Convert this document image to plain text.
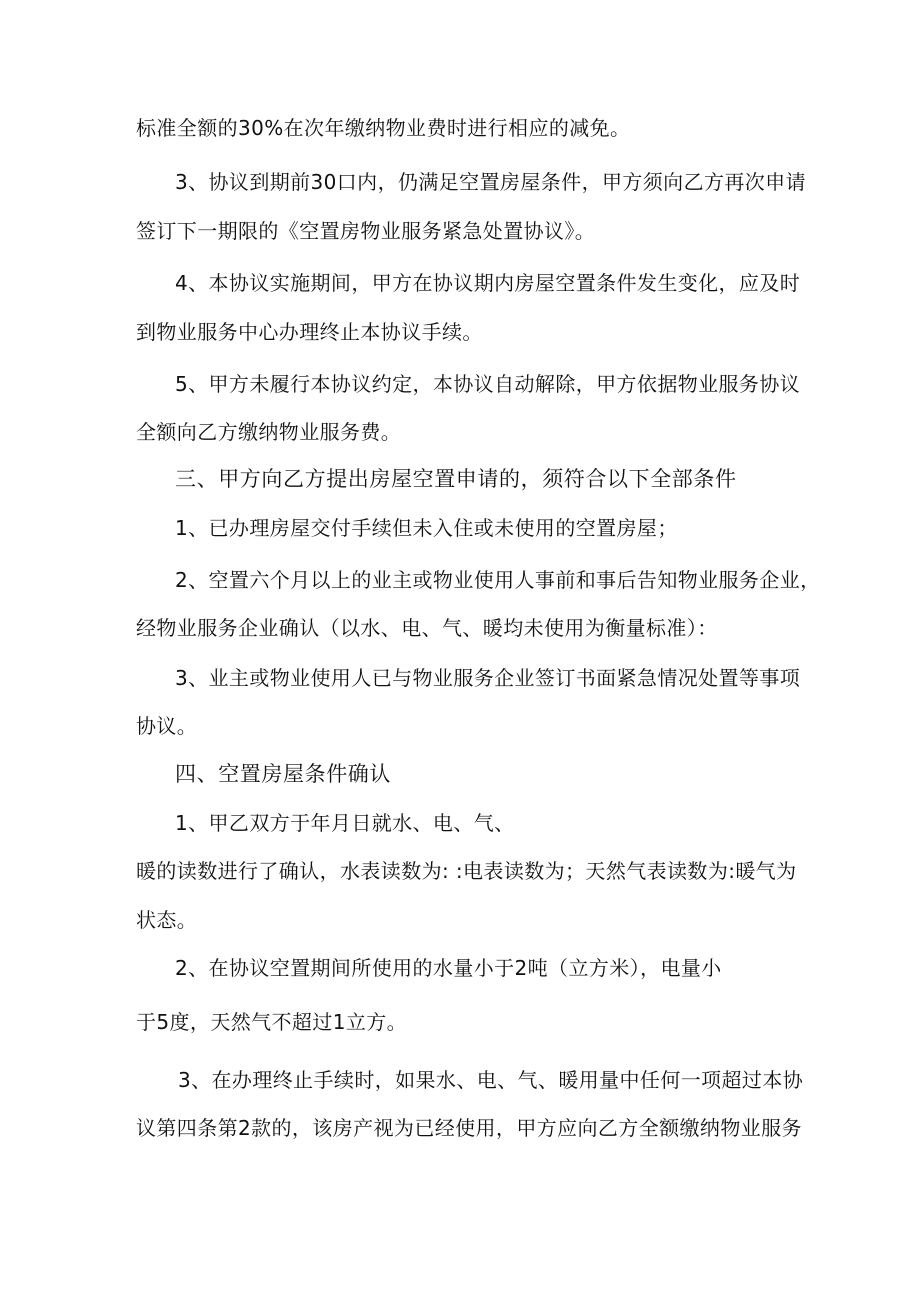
标准全额的30%在次年缴纳物业费时进行相应的减免。
3、协议到期前30口内，仍满足空置房屋条件，甲方须向乙方再次申请
签订下一期限的《空置房物业服务紧急处置协议》。
4、本协议实施期间，甲方在协议期内房屋空置条件发生变化，应及时
到物业服务中心办理终止本协议手续。
5、甲方未履行本协议约定，本协议自动解除，甲方依据物业服务协议
全额向乙方缴纳物业服务费。
三、甲方向乙方提出房屋空置申请的，须符合以下全部条件
1、已办理房屋交付手续但未入住或未使用的空置房屋；
2、空置六个月以上的业主或物业使用人事前和事后告知物业服务企业，
经物业服务企业确认（以水、电、气、暖均未使用为衡量标准）：
3、业主或物业使用人已与物业服务企业签订书面紧急情况处置等事项
协议。
四、空置房屋条件确认
1、甲乙双方于年月日就水、电、气、
暖的读数进行了确认，水表读数为: :电表读数为；天然气表读数为:暖气为
状态。
2、在协议空置期间所使用的水量小于2吨（立方米），电量小
于5度，天然气不超过1立方。
3、在办理终止手续时，如果水、电、气、暖用量中任何一项超过本协
议第四条第2款的，该房产视为已经使用，甲方应向乙方全额缴纳物业服务
